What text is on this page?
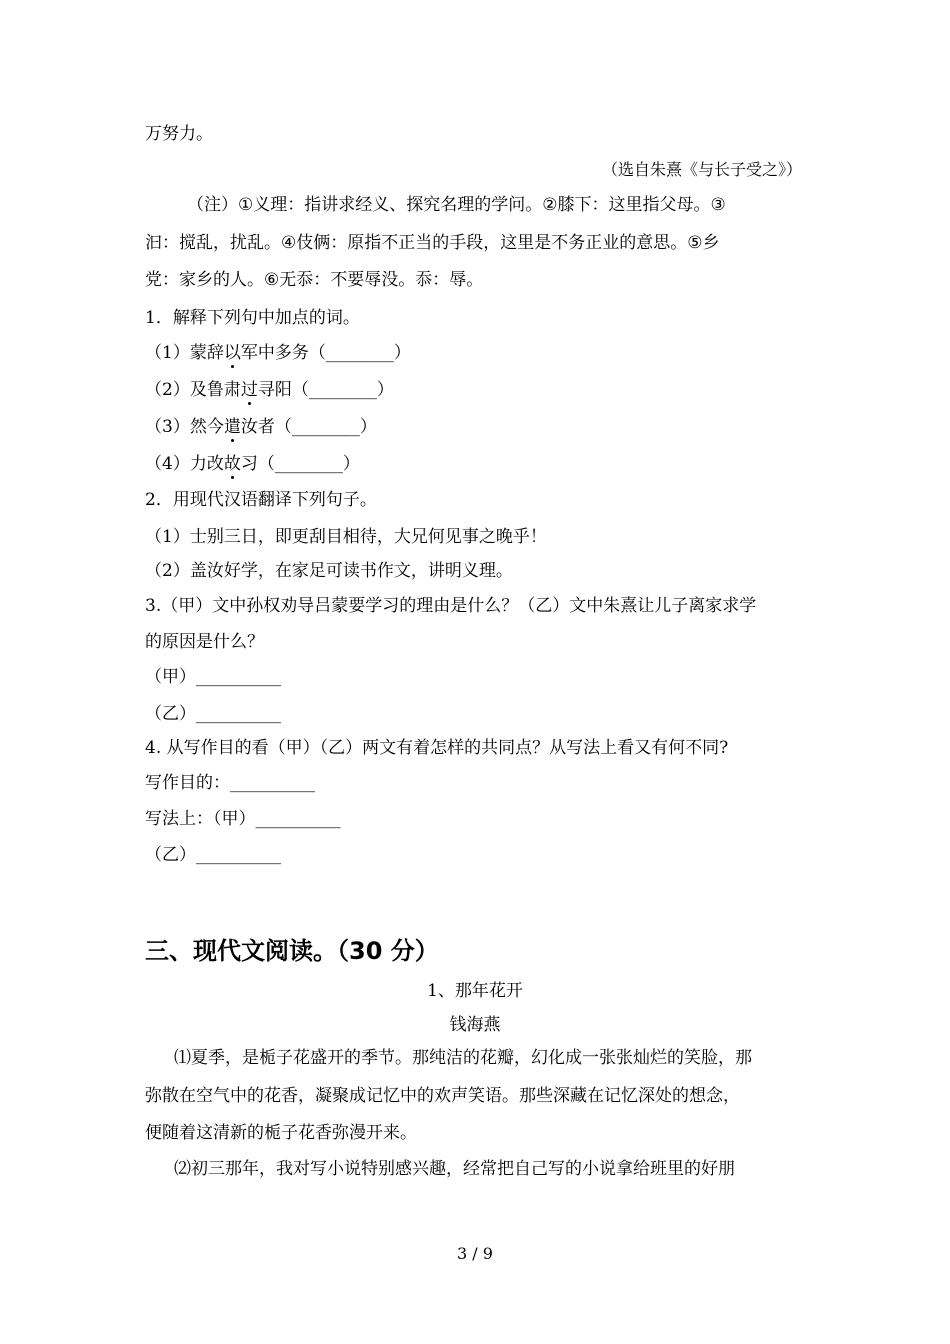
万努力。
（选自朱熹《与长子受之》）
（注）①义理：指讲求经义、探究名理的学问。②膝下：这里指父母。③
汩：搅乱，扰乱。④伎俩：原指不正当的手段，这里是不务正业的意思。⑤乡
党：家乡的人。⑥无忝：不要辱没。忝：辱。
1．解释下列句中加点的词。
（1）蒙辞以军中多务（________）
（2）及鲁肃过寻阳（________）
（3）然今遣汝者（________）
（4）力改故习（________）
2．用现代汉语翻译下列句子。
（1）士别三日，即更刮目相待，大兄何见事之晚乎！
（2）盖汝好学，在家足可读书作文，讲明义理。
3.（甲）文中孙权劝导吕蒙要学习的理由是什么？（乙）文中朱熹让儿子离家求学
的原因是什么？
（甲）__________
（乙）__________
4. 从写作目的看（甲）（乙）两文有着怎样的共同点？从写法上看又有何不同?
写作目的：__________
写法上：（甲）__________
（乙）__________
三、现代文阅读。（30 分）
1、那年花开
钱海燕
⑴夏季，是栀子花盛开的季节。那纯洁的花瓣，幻化成一张张灿烂的笑脸，那
弥散在空气中的花香，凝聚成记忆中的欢声笑语。那些深藏在记忆深处的想念，
便随着这清新的栀子花香弥漫开来。
⑵初三那年，我对写小说特别感兴趣，经常把自己写的小说拿给班里的好朋
3 / 9
